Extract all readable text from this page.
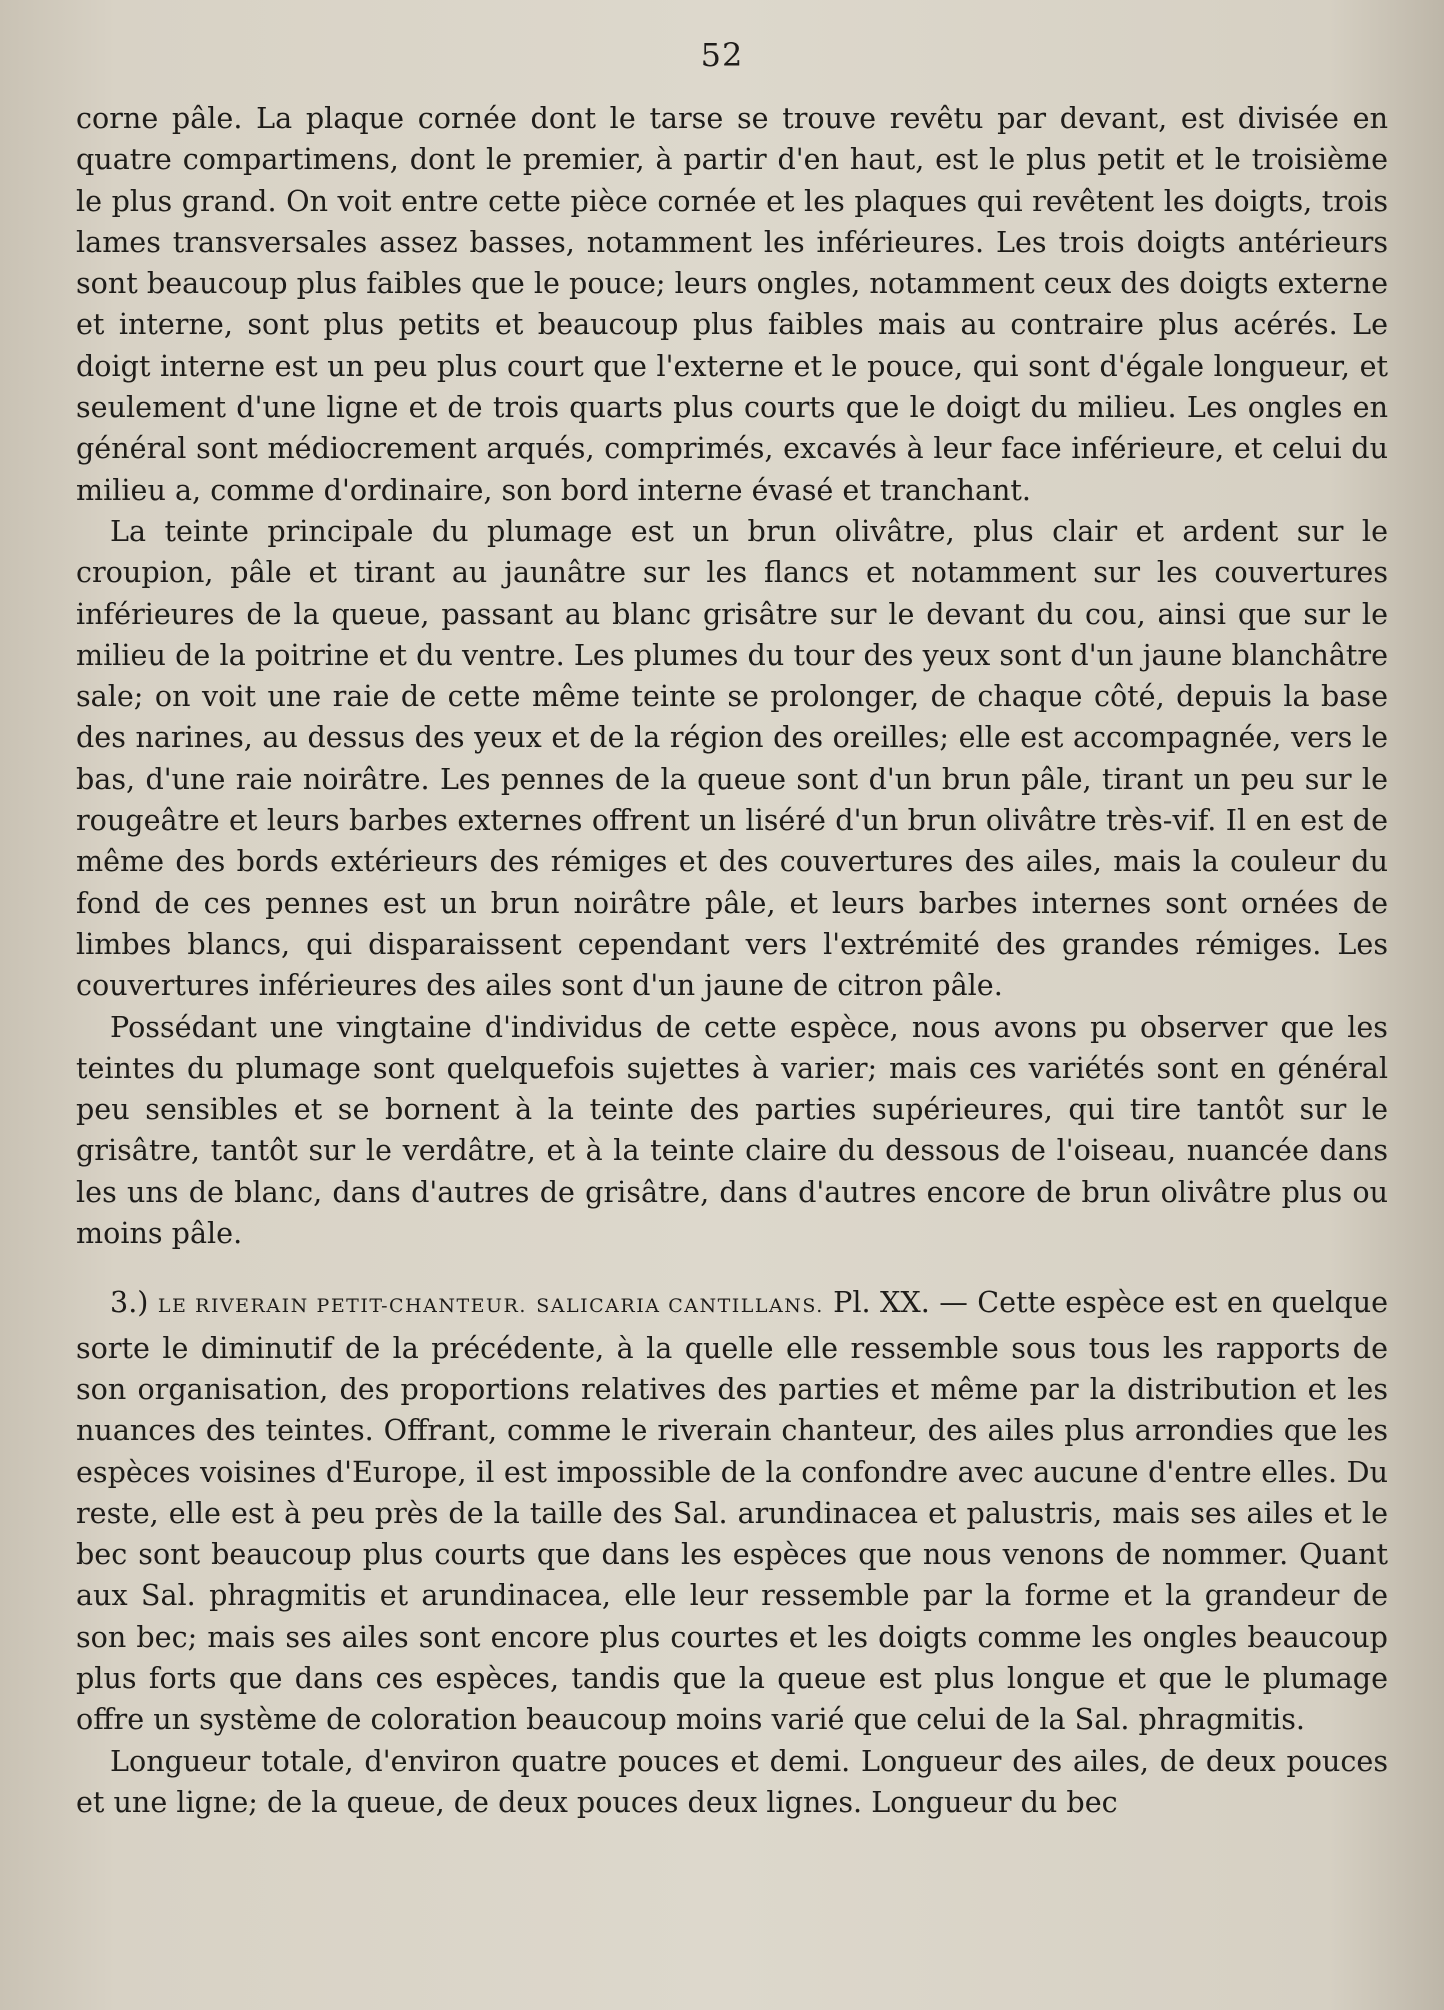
52

corne pâle. La plaque cornée dont le tarse se trouve revêtu par devant, est divisée en quatre compartimens, dont le premier, à partir d'en haut, est le plus petit et le troisième le plus grand. On voit entre cette pièce cornée et les plaques qui revêtent les doigts, trois lames transversales assez basses, notamment les inférieures. Les trois doigts antérieurs sont beaucoup plus faibles que le pouce; leurs ongles, notamment ceux des doigts externe et interne, sont plus petits et beaucoup plus faibles mais au contraire plus acérés. Le doigt interne est un peu plus court que l'externe et le pouce, qui sont d'égale longueur, et seulement d'une ligne et de trois quarts plus courts que le doigt du milieu. Les ongles en général sont médiocrement arqués, comprimés, excavés à leur face inférieure, et celui du milieu a, comme d'ordinaire, son bord interne évasé et tranchant.

La teinte principale du plumage est un brun olivâtre, plus clair et ardent sur le croupion, pâle et tirant au jaunâtre sur les flancs et notamment sur les couvertures inférieures de la queue, passant au blanc grisâtre sur le devant du cou, ainsi que sur le milieu de la poitrine et du ventre. Les plumes du tour des yeux sont d'un jaune blanchâtre sale; on voit une raie de cette même teinte se prolonger, de chaque côté, depuis la base des narines, au dessus des yeux et de la région des oreilles; elle est accompagnée, vers le bas, d'une raie noirâtre. Les pennes de la queue sont d'un brun pâle, tirant un peu sur le rougeâtre et leurs barbes externes offrent un liséré d'un brun olivâtre très-vif. Il en est de même des bords extérieurs des rémiges et des couvertures des ailes, mais la couleur du fond de ces pennes est un brun noirâtre pâle, et leurs barbes internes sont ornées de limbes blancs, qui disparaissent cependant vers l'extrémité des grandes rémiges. Les couvertures inférieures des ailes sont d'un jaune de citron pâle.

Possédant une vingtaine d'individus de cette espèce, nous avons pu observer que les teintes du plumage sont quelquefois sujettes à varier; mais ces variétés sont en général peu sensibles et se bornent à la teinte des parties supérieures, qui tire tantôt sur le grisâtre, tantôt sur le verdâtre, et à la teinte claire du dessous de l'oiseau, nuancée dans les uns de blanc, dans d'autres de grisâtre, dans d'autres encore de brun olivâtre plus ou moins pâle.

3.) LE RIVERAIN PETIT-CHANTEUR. SALICARIA CANTILLANS. Pl. XX. — Cette espèce est en quelque sorte le diminutif de la précédente, à la quelle elle ressemble sous tous les rapports de son organisation, des proportions relatives des parties et même par la distribution et les nuances des teintes. Offrant, comme le riverain chanteur, des ailes plus arrondies que les espèces voisines d'Europe, il est impossible de la confondre avec aucune d'entre elles. Du reste, elle est à peu près de la taille des Sal. arundinacea et palustris, mais ses ailes et le bec sont beaucoup plus courts que dans les espèces que nous venons de nommer. Quant aux Sal. phragmitis et arundinacea, elle leur ressemble par la forme et la grandeur de son bec; mais ses ailes sont encore plus courtes et les doigts comme les ongles beaucoup plus forts que dans ces espèces, tandis que la queue est plus longue et que le plumage offre un système de coloration beaucoup moins varié que celui de la Sal. phragmitis.

Longueur totale, d'environ quatre pouces et demi. Longueur des ailes, de deux pouces et une ligne; de la queue, de deux pouces deux lignes. Longueur du bec
